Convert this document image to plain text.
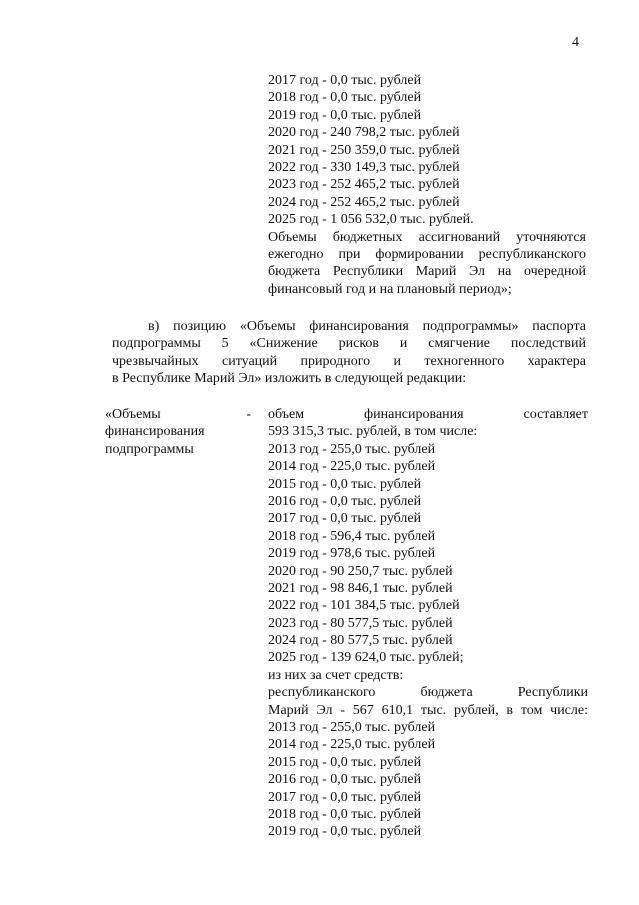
4
2017 год - 0,0 тыс. рублей
2018 год - 0,0 тыс. рублей
2019 год - 0,0 тыс. рублей
2020 год - 240 798,2 тыс. рублей
2021 год - 250 359,0 тыс. рублей
2022 год - 330 149,3 тыс. рублей
2023 год - 252 465,2 тыс. рублей
2024 год - 252 465,2 тыс. рублей
2025 год - 1 056 532,0 тыс. рублей.
Объемы бюджетных ассигнований уточняются
ежегодно при формировании республиканского
бюджета Республики Марий Эл на очередной
финансовый год и на плановый период»;
в) позицию «Объемы финансирования подпрограммы» паспорта
подпрограммы 5 «Снижение рисков и смягчение последствий
чрезвычайных ситуаций природного и техногенного характера
в Республике Марий Эл» изложить в следующей редакции:
«Объемы	-
финансирования
подпрограммы
объем	финансирования	составляет
593 315,3 тыс. рублей, в том числе:
2013 год - 255,0 тыс. рублей
2014 год - 225,0 тыс. рублей
2015 год - 0,0 тыс. рублей
2016 год - 0,0 тыс. рублей
2017 год - 0,0 тыс. рублей
2018 год - 596,4 тыс. рублей
2019 год - 978,6 тыс. рублей
2020 год - 90 250,7 тыс. рублей
2021 год - 98 846,1 тыс. рублей
2022 год - 101 384,5 тыс. рублей
2023 год - 80 577,5 тыс. рублей
2024 год - 80 577,5 тыс. рублей
2025 год - 139 624,0 тыс. рублей;
из них за счет средств:
республиканского	бюджета	Республики
Марий Эл - 567 610,1 тыс. рублей, в том числе:
2013 год - 255,0 тыс. рублей
2014 год - 225,0 тыс. рублей
2015 год - 0,0 тыс. рублей
2016 год - 0,0 тыс. рублей
2017 год - 0,0 тыс. рублей
2018 год - 0,0 тыс. рублей
2019 год - 0,0 тыс. рублей
